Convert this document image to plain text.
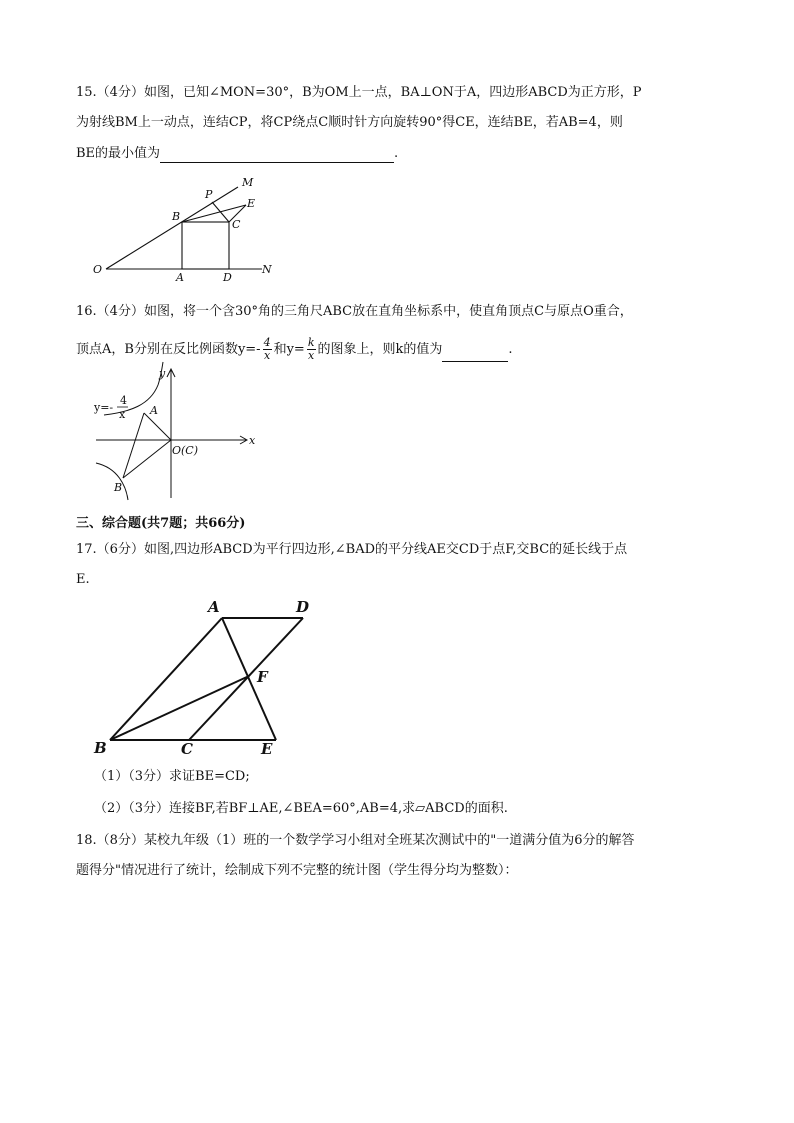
15.（4分）如图，已知∠MON=30°，B为OM上一点，BA⊥ON于A，四边形ABCD为正方形，P
为射线BM上一动点，连结CP，将CP绕点C顺时针方向旋转90°得CE，连结BE，若AB=4，则
BE的最小值为	.
O
A	D
N
B
P
M
E
C
16.（4分）如图，将一个含30°角的三角尺ABC放在直角坐标系中，使直角顶点C与原点O重合，
顶点A，B分别在反比例函数$y=- \frac{4}{x}$ 和$y= \frac{k}{x}$ 的图象上，则k的值为	.
y
x
A
B
O(C)
y=-
4
x
三、综合题(共7题；共66分)
17.（6分）如图,四边形ABCD为平行四边形,∠BAD的平分线AE交CD于点F,交BC的延长线于点
E.
A	D
F
B	C	E
（1）（3分）求证BE=CD;
（2）（3分）连接BF,若BF⊥AE,∠BEA=60°,AB=4,求▱ABCD的面积.
18.（8分）某校九年级（1）班的一个数学学习小组对全班某次测试中的"一道满分值为6分的解答
题得分"情况进行了统计，绘制成下列不完整的统计图（学生得分均为整数）：
